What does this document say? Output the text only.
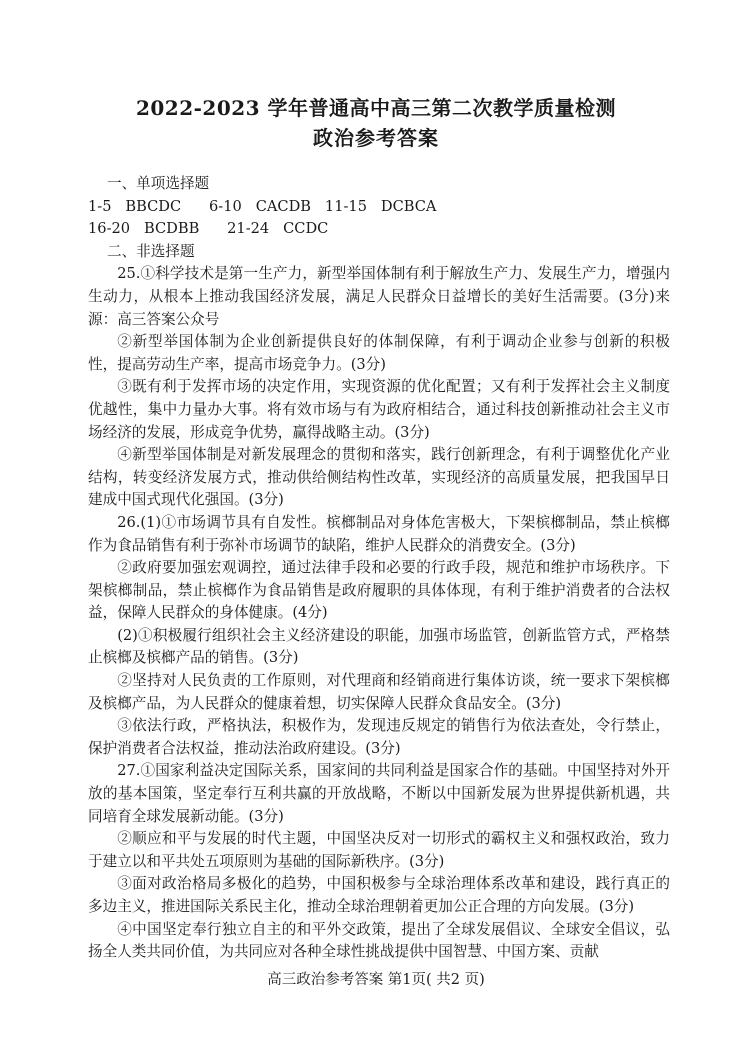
2022-2023 学年普通高中高三第二次教学质量检测
政治参考答案

一、单项选择题

1-5   BBCDC      6-10   CACDB   11-15   DCBCA

16-20   BCDBB      21-24   CCDC

二、非选择题

25.①科学技术是第一生产力，新型举国体制有利于解放生产力、发展生产力，增强内生动力，从根本上推动我国经济发展，满足人民群众日益增长的美好生活需要。(3分)来源：高三答案公众号

②新型举国体制为企业创新提供良好的体制保障，有利于调动企业参与创新的积极性，提高劳动生产率，提高市场竞争力。(3分)

③既有利于发挥市场的决定作用，实现资源的优化配置；又有利于发挥社会主义制度优越性，集中力量办大事。将有效市场与有为政府相结合，通过科技创新推动社会主义市场经济的发展，形成竞争优势，赢得战略主动。(3分)

④新型举国体制是对新发展理念的贯彻和落实，践行创新理念，有利于调整优化产业结构，转变经济发展方式，推动供给侧结构性改革，实现经济的高质量发展，把我国早日建成中国式现代化强国。(3分)

26.(1)①市场调节具有自发性。槟榔制品对身体危害极大，下架槟榔制品，禁止槟榔作为食品销售有利于弥补市场调节的缺陷，维护人民群众的消费安全。(3分)

②政府要加强宏观调控，通过法律手段和必要的行政手段，规范和维护市场秩序。下架槟榔制品，禁止槟榔作为食品销售是政府履职的具体体现，有利于维护消费者的合法权益，保障人民群众的身体健康。(4分)

(2)①积极履行组织社会主义经济建设的职能，加强市场监管，创新监管方式，严格禁止槟榔及槟榔产品的销售。(3分)

②坚持对人民负责的工作原则，对代理商和经销商进行集体访谈，统一要求下架槟榔及槟榔产品，为人民群众的健康着想，切实保障人民群众食品安全。(3分)

③依法行政，严格执法，积极作为，发现违反规定的销售行为依法查处，令行禁止，保护消费者合法权益，推动法治政府建设。(3分)

27.①国家利益决定国际关系，国家间的共同利益是国家合作的基础。中国坚持对外开放的基本国策，坚定奉行互利共赢的开放战略，不断以中国新发展为世界提供新机遇，共同培育全球发展新动能。(3分)

②顺应和平与发展的时代主题，中国坚决反对一切形式的霸权主义和强权政治，致力于建立以和平共处五项原则为基础的国际新秩序。(3分)

③面对政治格局多极化的趋势，中国积极参与全球治理体系改革和建设，践行真正的多边主义，推进国际关系民主化，推动全球治理朝着更加公正合理的方向发展。(3分)

④中国坚定奉行独立自主的和平外交政策，提出了全球发展倡议、全球安全倡议，弘扬全人类共同价值，为共同应对各种全球性挑战提供中国智慧、中国方案、贡献

高三政治参考答案 第1页( 共2 页)
